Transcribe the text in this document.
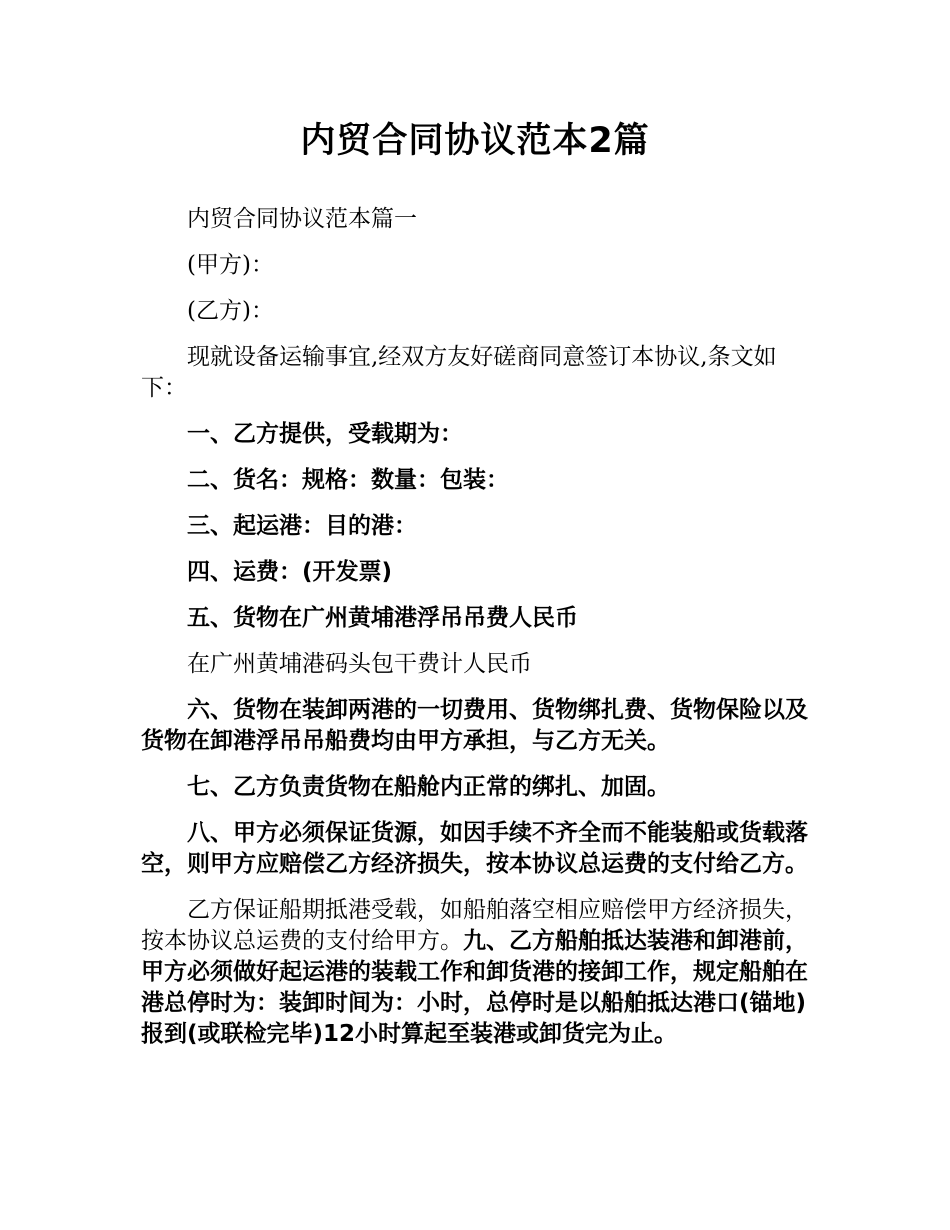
内贸合同协议范本2篇

内贸合同协议范本篇一

(甲方)：

(乙方)：

现就设备运输事宜,经双方友好磋商同意签订本协议,条文如下：

一、乙方提供，受载期为：

二、货名：规格：数量：包装：

三、起运港：目的港：

四、运费：(开发票)

五、货物在广州黄埔港浮吊吊费人民币

在广州黄埔港码头包干费计人民币

六、货物在装卸两港的一切费用、货物绑扎费、货物保险以及货物在卸港浮吊吊船费均由甲方承担，与乙方无关。

七、乙方负责货物在船舱内正常的绑扎、加固。

八、甲方必须保证货源，如因手续不齐全而不能装船或货载落空，则甲方应赔偿乙方经济损失，按本协议总运费的支付给乙方。

乙方保证船期抵港受载，如船舶落空相应赔偿甲方经济损失，按本协议总运费的支付给甲方。九、乙方船舶抵达装港和卸港前，甲方必须做好起运港的装载工作和卸货港的接卸工作，规定船舶在港总停时为：装卸时间为：小时，总停时是以船舶抵达港口(锚地)报到(或联检完毕)12小时算起至装港或卸货完为止。
